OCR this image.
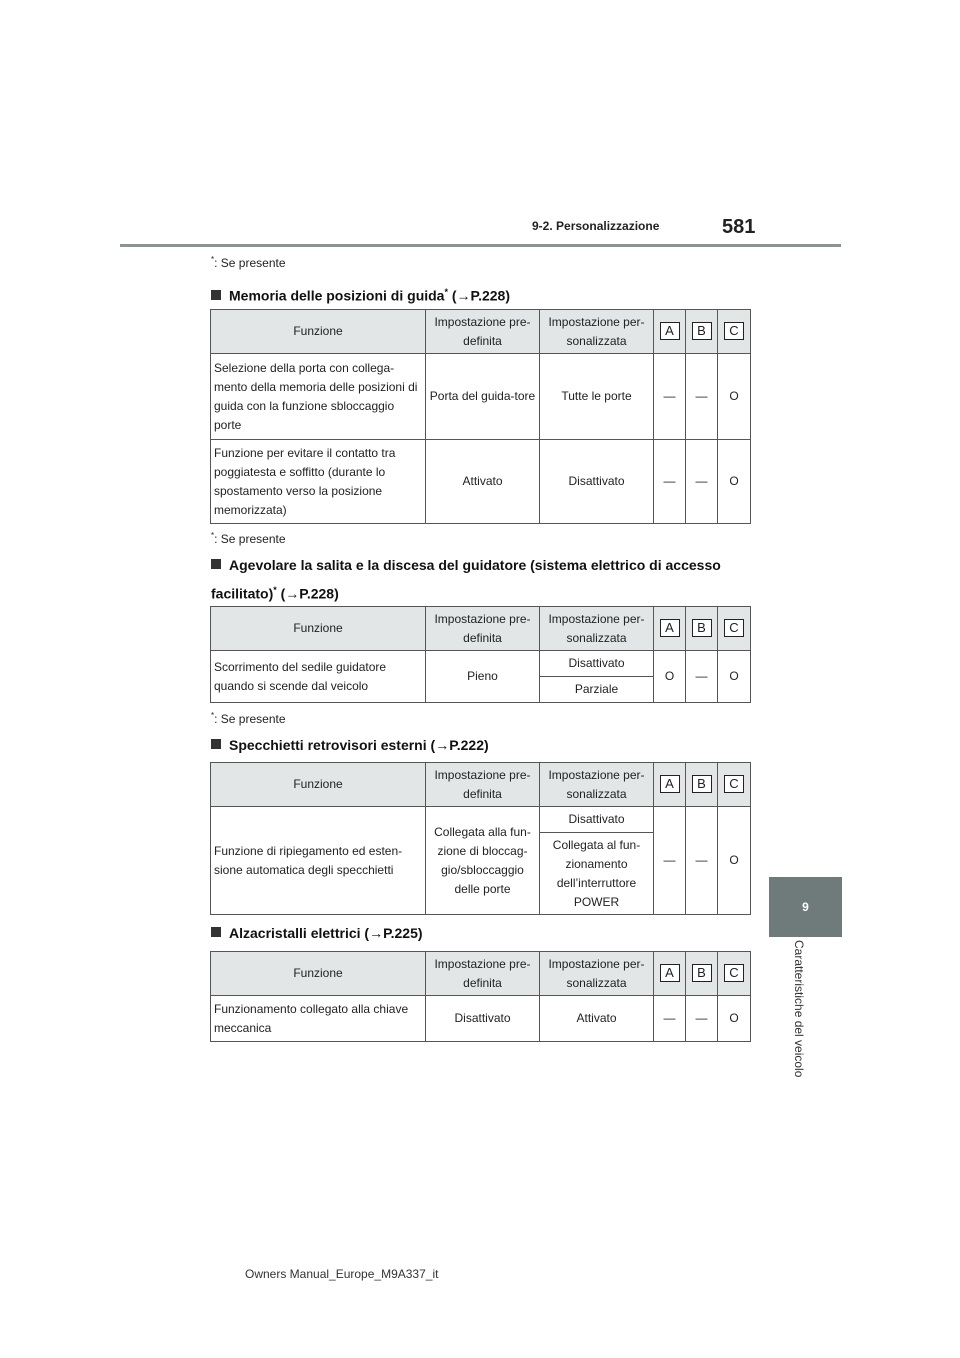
9-2. Personalizzazione	581
9
Caratteristiche del veicolo
*: Se presente
Memoria delle posizioni di guida* (→P.228)
Funzione	Impostazione pre-definita	Impostazione per-sonalizzata	A	B	C
Selezione della porta con collega-mento della memoria delle posizioni di guida con la funzione sbloccaggio porte	Porta del guida-tore	Tutte le porte	—	—	O
Funzione per evitare il contatto tra poggiatesta e soffitto (durante lo spostamento verso la posizione memorizzata)	Attivato	Disattivato	—	—	O
*: Se presente
Agevolare la salita e la discesa del guidatore (sistema elettrico di accesso facilitato)* (→P.228)
Funzione	Impostazione pre-definita	Impostazione per-sonalizzata	A	B	C
Scorrimento del sedile guidatore quando si scende dal veicolo	Pieno	Disattivato	O	—	O
		Parziale			
*: Se presente
Specchietti retrovisori esterni (→P.222)
Funzione	Impostazione pre-definita	Impostazione per-sonalizzata	A	B	C
Funzione di ripiegamento ed esten-sione automatica degli specchietti	Collegata alla fun-zione di bloccag-gio/sbloccaggio delle porte	Disattivato	—	—	O
		Collegata al fun-zionamento dell’interruttore POWER			
Alzacristalli elettrici (→P.225)
Funzione	Impostazione pre-definita	Impostazione per-sonalizzata	A	B	C
Funzionamento collegato alla chiave meccanica	Disattivato	Attivato	—	—	O
Owners Manual_Europe_M9A337_it
